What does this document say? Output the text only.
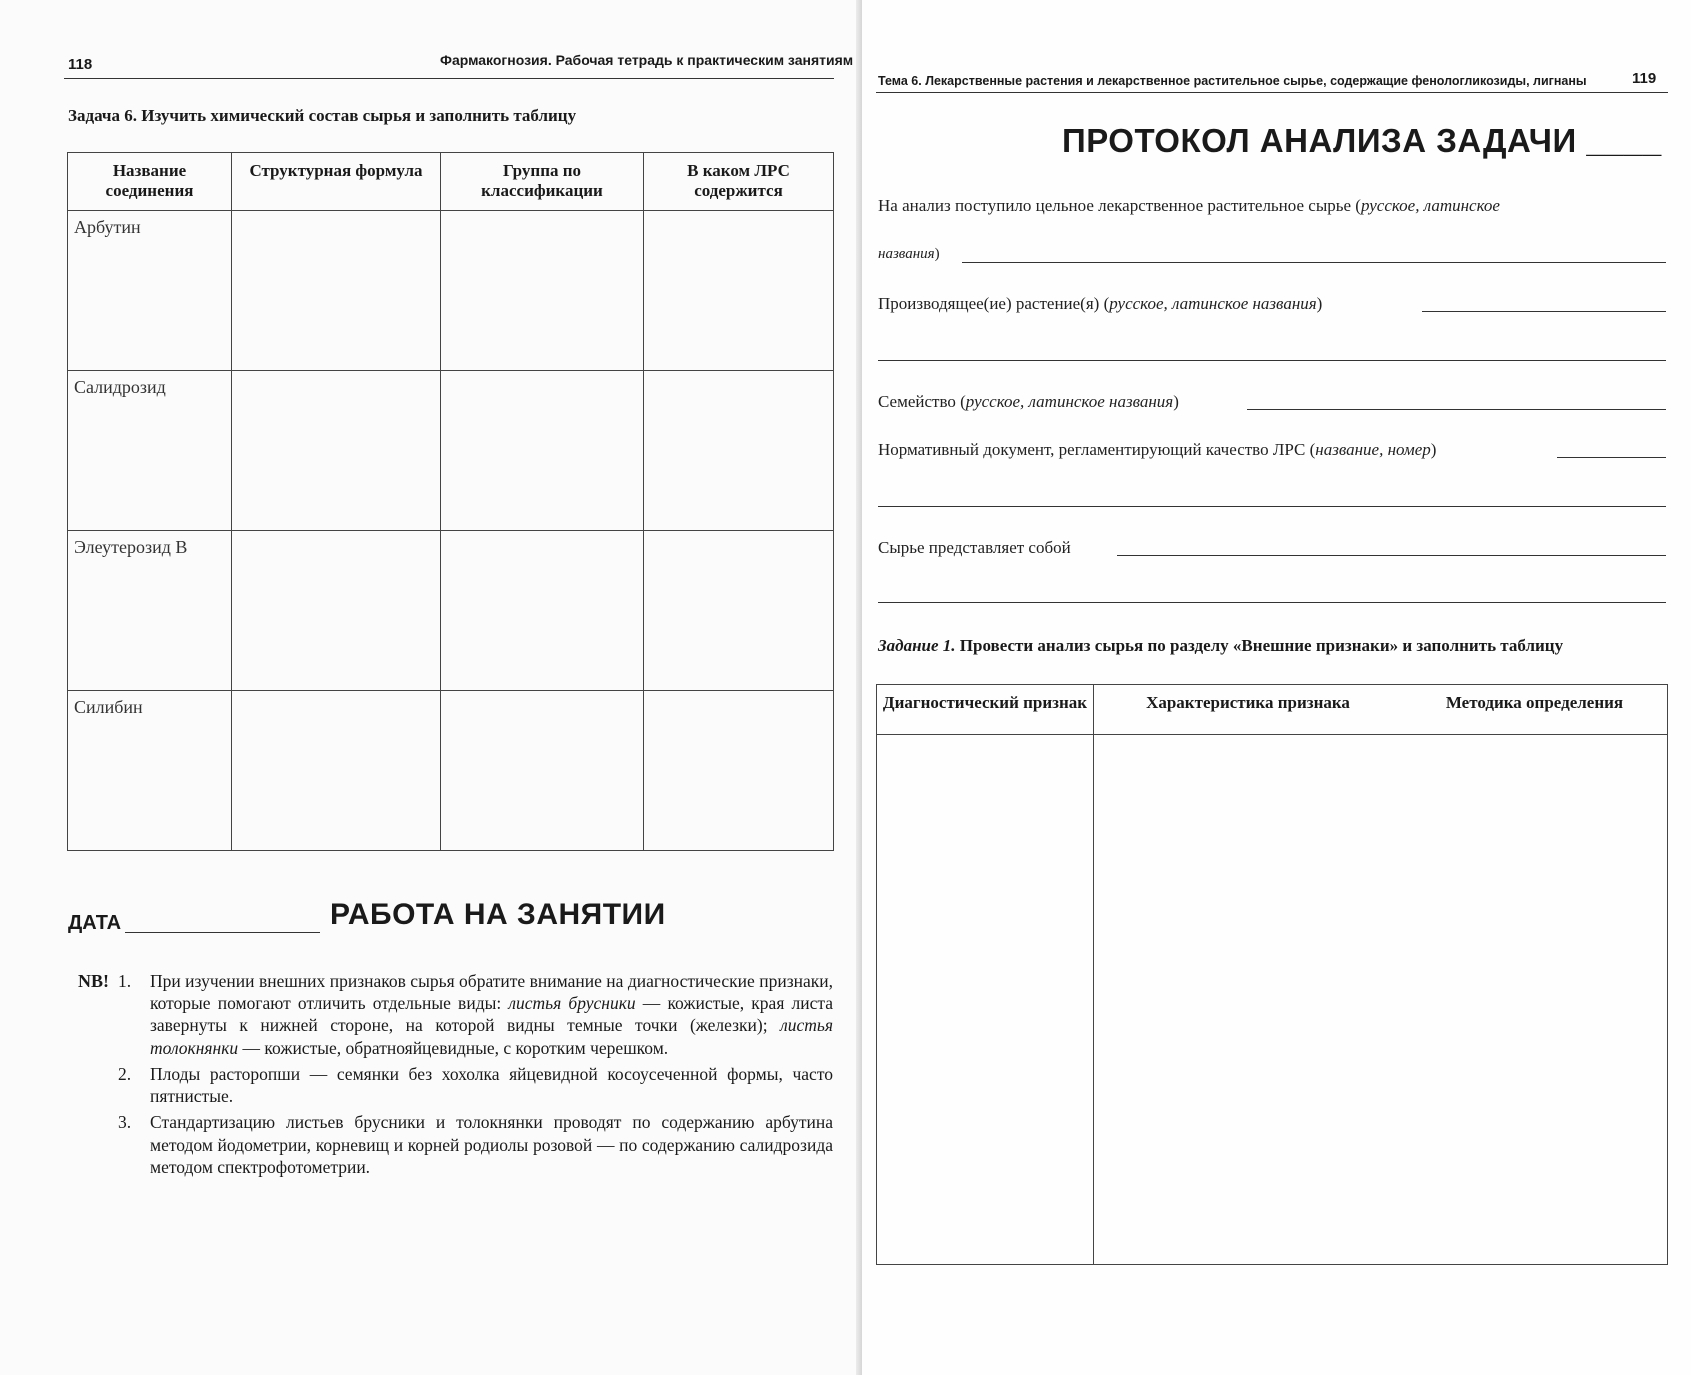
118	Фармакогнозия. Рабочая тетрадь к практическим занятиям
Задача 6. Изучить химический состав сырья и заполнить таблицу
Название соединения	Структурная формула	Группа по классификации	В каком ЛРС содержится
Арбутин			
Салидрозид			
Элеутерозид В			
Силибин			
ДАТА	РАБОТА НА ЗАНЯТИИ
NB! 1. При изучении внешних признаков сырья обратите внимание на диагностические признаки, которые помогают отличить отдельные виды: листья брусники — кожистые, края листа завернуты к нижней стороне, на которой видны темные точки (железки); листья толокнянки — кожистые, обратнояйцевидные, с коротким черешком.
2. Плоды расторопши — семянки без хохолка яйцевидной косоусеченной формы, часто пятнистые.
3. Стандартизацию листьев брусники и толокнянки проводят по содержанию арбутина методом йодометрии, корневищ и корней родиолы розовой — по содержанию салидрозида методом спектрофотометрии.
Тема 6. Лекарственные растения и лекарственное растительное сырье, содержащие фенологликозиды, лигнаны	119
ПРОТОКОЛ АНАЛИЗА ЗАДАЧИ ____
На анализ поступило цельное лекарственное растительное сырье (русское, латинское
названия)
Производящее(ие) растение(я) (русское, латинское названия)
Семейство (русское, латинское названия)
Нормативный документ, регламентирующий качество ЛРС (название, номер)
Сырье представляет собой
Задание 1. Провести анализ сырья по разделу «Внешние признаки» и заполнить таблицу
Диагностический признак	Характеристика признака	Методика определения
